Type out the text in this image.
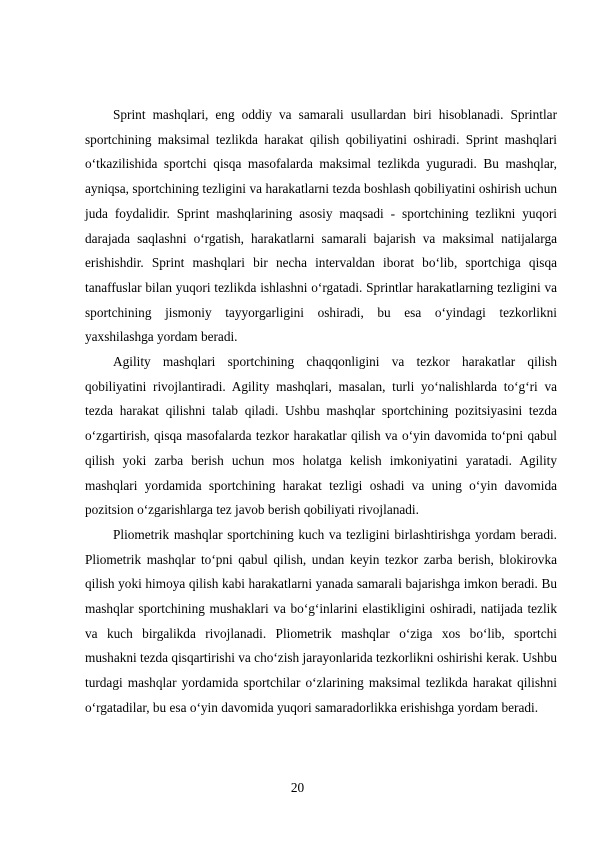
Sprint mashqlari, eng oddiy va samarali usullardan biri hisoblanadi. Sprintlar sportchining maksimal tezlikda harakat qilish qobiliyatini oshiradi. Sprint mashqlari o‘tkazilishida sportchi qisqa masofalarda maksimal tezlikda yuguradi. Bu mashqlar, ayniqsa, sportchining tezligini va harakatlarni tezda boshlash qobiliyatini oshirish uchun juda foydalidir. Sprint mashqlarining asosiy maqsadi - sportchining tezlikni yuqori darajada saqlashni o‘rgatish, harakatlarni samarali bajarish va maksimal natijalarga erishishdir. Sprint mashqlari bir necha intervaldan iborat bo‘lib, sportchiga qisqa tanaffuslar bilan yuqori tezlikda ishlashni o‘rgatadi. Sprintlar harakatlarning tezligini va sportchining jismoniy tayyorgarligini oshiradi, bu esa o‘yindagi tezkorlikni yaxshilashga yordam beradi.

Agility mashqlari sportchining chaqqonligini va tezkor harakatlar qilish qobiliyatini rivojlantiradi. Agility mashqlari, masalan, turli yo‘nalishlarda to‘g‘ri va tezda harakat qilishni talab qiladi. Ushbu mashqlar sportchining pozitsiyasini tezda o‘zgartirish, qisqa masofalarda tezkor harakatlar qilish va o‘yin davomida to‘pni qabul qilish yoki zarba berish uchun mos holatga kelish imkoniyatini yaratadi. Agility mashqlari yordamida sportchining harakat tezligi oshadi va uning o‘yin davomida pozitsion o‘zgarishlarga tez javob berish qobiliyati rivojlanadi.

Pliometrik mashqlar sportchining kuch va tezligini birlashtirishga yordam beradi. Pliometrik mashqlar to‘pni qabul qilish, undan keyin tezkor zarba berish, blokirovka qilish yoki himoya qilish kabi harakatlarni yanada samarali bajarishga imkon beradi. Bu mashqlar sportchining mushaklari va bo‘g‘inlarini elastikligini oshiradi, natijada tezlik va kuch birgalikda rivojlanadi. Pliometrik mashqlar o‘ziga xos bo‘lib, sportchi mushakni tezda qisqartirishi va cho‘zish jarayonlarida tezkorlikni oshirishi kerak. Ushbu turdagi mashqlar yordamida sportchilar o‘zlarining maksimal tezlikda harakat qilishni o‘rgatadilar, bu esa o‘yin davomida yuqori samaradorlikka erishishga yordam beradi.

20
